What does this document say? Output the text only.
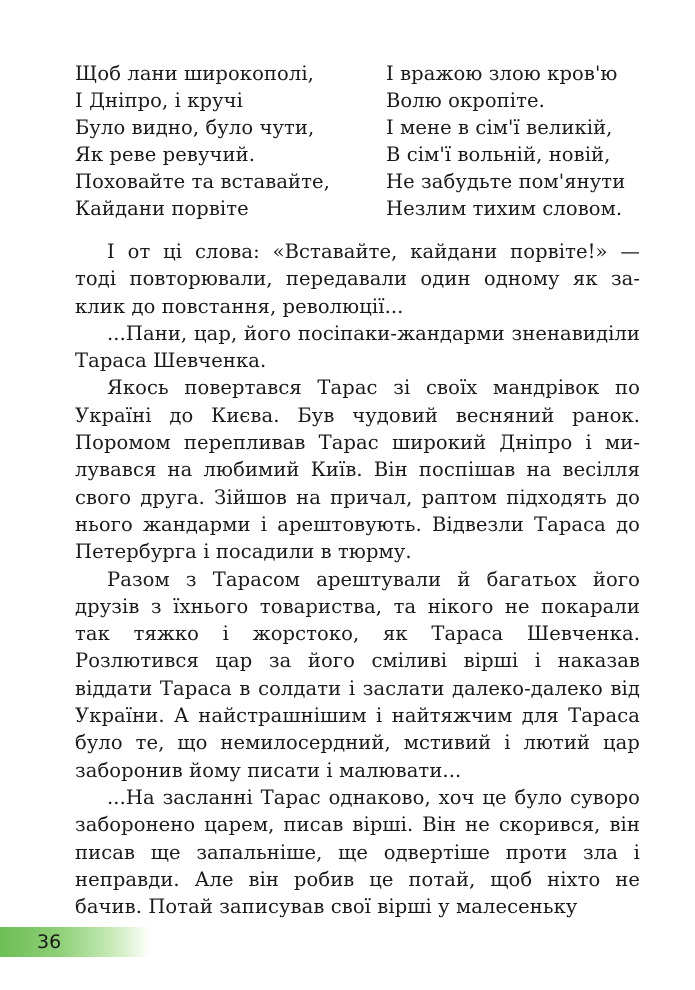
Щоб лани широкополі,
І Дніпро, і кручі
Було видно, було чути,
Як реве ревучий.
Поховайте та вставайте,
Кайдани порвіте
І вражою злою кров'ю
Волю окропіте.
І мене в сім'ї великій,
В сім'ї вольній, новій,
Не забудьте пом'янути
Незлим тихим словом.

І от ці слова: «Вставайте, кайдани порвіте!» — тоді повторювали, передавали один одному як заклик до повстання, революції...

...Пани, цар, його посіпаки-жандарми зненавиділи Тараса Шевченка.

Якось повертався Тарас зі своїх мандрівок по Україні до Києва. Був чудовий весняний ранок. Поромом перепливав Тарас широкий Дніпро і милувався на любимий Київ. Він поспішав на весілля свого друга. Зійшов на причал, раптом підходять до нього жандарми і арештовують. Відвезли Тараса до Петербурга і посадили в тюрму.

Разом з Тарасом арештували й багатьох його друзів з їхнього товариства, та нікого не покарали так тяжко і жорстоко, як Тараса Шевченка. Розлютився цар за його сміливі вірші і наказав віддати Тараса в солдати і заслати далеко-далеко від України. А найстрашнішим і найтяжчим для Тараса було те, що немилосердний, мстивий і лютий цар заборонив йому писати і малювати...

...На засланні Тарас однаково, хоч це було суворо заборонено царем, писав вірші. Він не скорився, він писав ще запальніше, ще одвертіше проти зла і неправди. Але він робив це потай, щоб ніхто не бачив. Потай записував свої вірші у малесеньку

36
